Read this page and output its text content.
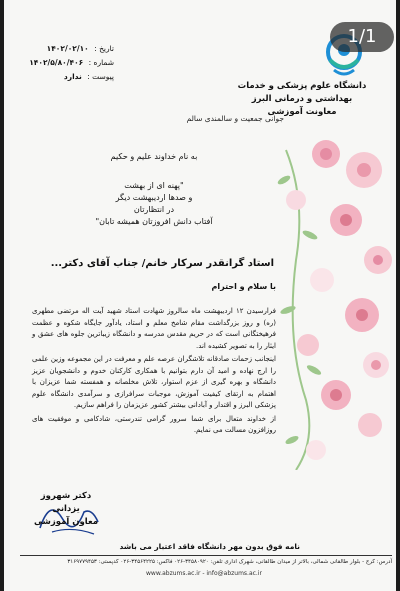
1/1
دانشگاه علوم پزشکی و خدمات
بهداشتی و درمانی البرز
معاونت آموزشی
تاریخ : ۱۴۰۲/۰۲/۱۰
شماره : ۱۴۰۲/۵/۸۰/۴۰۶
پیوست : ندارد
جوانی جمعیت و سالمندی سالم
به نام خداوند علیم و حکیم
"پهنه ای از بهشت
و صدها اردیبهشت دیگر
در انتظارتان
آفتاب دانش افروزتان همیشه تابان"
استاد گرانقدر سرکار خانم/ جناب آقای دکتر...
با سلام و احترام

فرارسیدن ۱۲ اردیبهشت ماه سالروز شهادت استاد شهید آیت اله مرتضی مطهری (ره) و روز بزرگداشت مقام شامخ معلم و استاد، یادآور جایگاه شکوه و عظمت فرهیختگانی است که در حریم مقدس مدرسه و دانشگاه زیباترین جلوه های عشق و ایثار را به تصویر کشیده اند.

اینجانب زحمات صادقانه تلاشگران عرصه علم و معرفت در این مجموعه وزین علمی را ارج نهاده و امید آن دارم بتوانیم با همکاری کارکنان خدوم و دانشجویان عزیز دانشگاه و بهره گیری از عزم استوار، تلاش مخلصانه و همفسته شما عزیزان با اهتمام به ارتقای کیفیت آموزش، موجبات سرافرازی و سرآمدی دانشگاه علوم پزشکی البرز و اقتدار و آبادانی بیشتر کشور عزیزمان را فراهم سازیم.

از خداوند متعال برای شما سرور گرامی تندرستی، شادکامی و موفقیت های روزافزون مسالت می نمایم.

دکتر شهروز یزدانی
معاون آموزشی
نامه فوق بدون مهر دانشگاه فاقد اعتبار می باشد
آدرس: کرج - بلوار طالقانی شمالی، بالاتر از میدان طالقانی، شهرک اداری تلفن: ۳۴۵۸۰۹۲۰-۰۲۶ فاکس: ۳۴۵۶۴۲۲۵-۰۲۶ کدپستی: ۳۱۶۹۷۷۹۴۵۳
www.abzums.ac.ir - info@abzums.ac.ir
